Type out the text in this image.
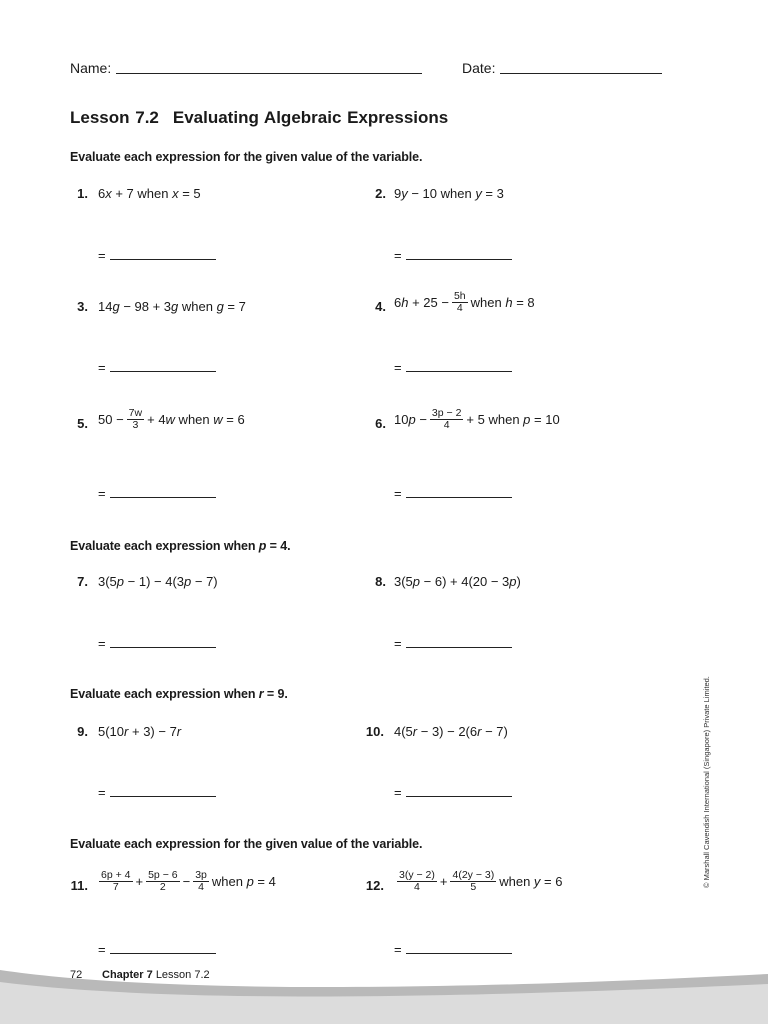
Name:	Date:
Lesson 7.2 Evaluating Algebraic Expressions
Evaluate each expression for the given value of the variable.
1. 6 x + 7 when x = 5
=
2. 9 y − 10 when y = 3
=
3. 14 g − 98 + 3 g when g = 7
=
4. 6 $h + 25 - \frac{5h}{4}$ when h = 8
=
5. $50 - \frac{7w}{3} + 4$ w when w = 6
=
6. 10 $p - \frac{3p - 2}{4} + 5$ when p = 10
=
Evaluate each expression when p = 4.
7. 3(5 p − 1) − 4(3 p − 7)
=
8. 3(5 p − 6) + 4(20 − 3 p )
=
Evaluate each expression when r = 9.
9. 5(10 r + 3) − 7 r
=
10. 4(5 r − 3) − 2(6 r − 7)
=
Evaluate each expression for the given value of the variable.
11. $\frac{6p + 4}{7} + \frac{5p - 6}{2} - \frac{3p}{4}$ when p = 4
=
12. $\frac{3(y - 2)}{4} + \frac{4(2y - 3)}{5}$ when y = 6
=
© Marshall Cavendish International (Singapore) Private Limited.
72 Chapter 7 Lesson 7.2
